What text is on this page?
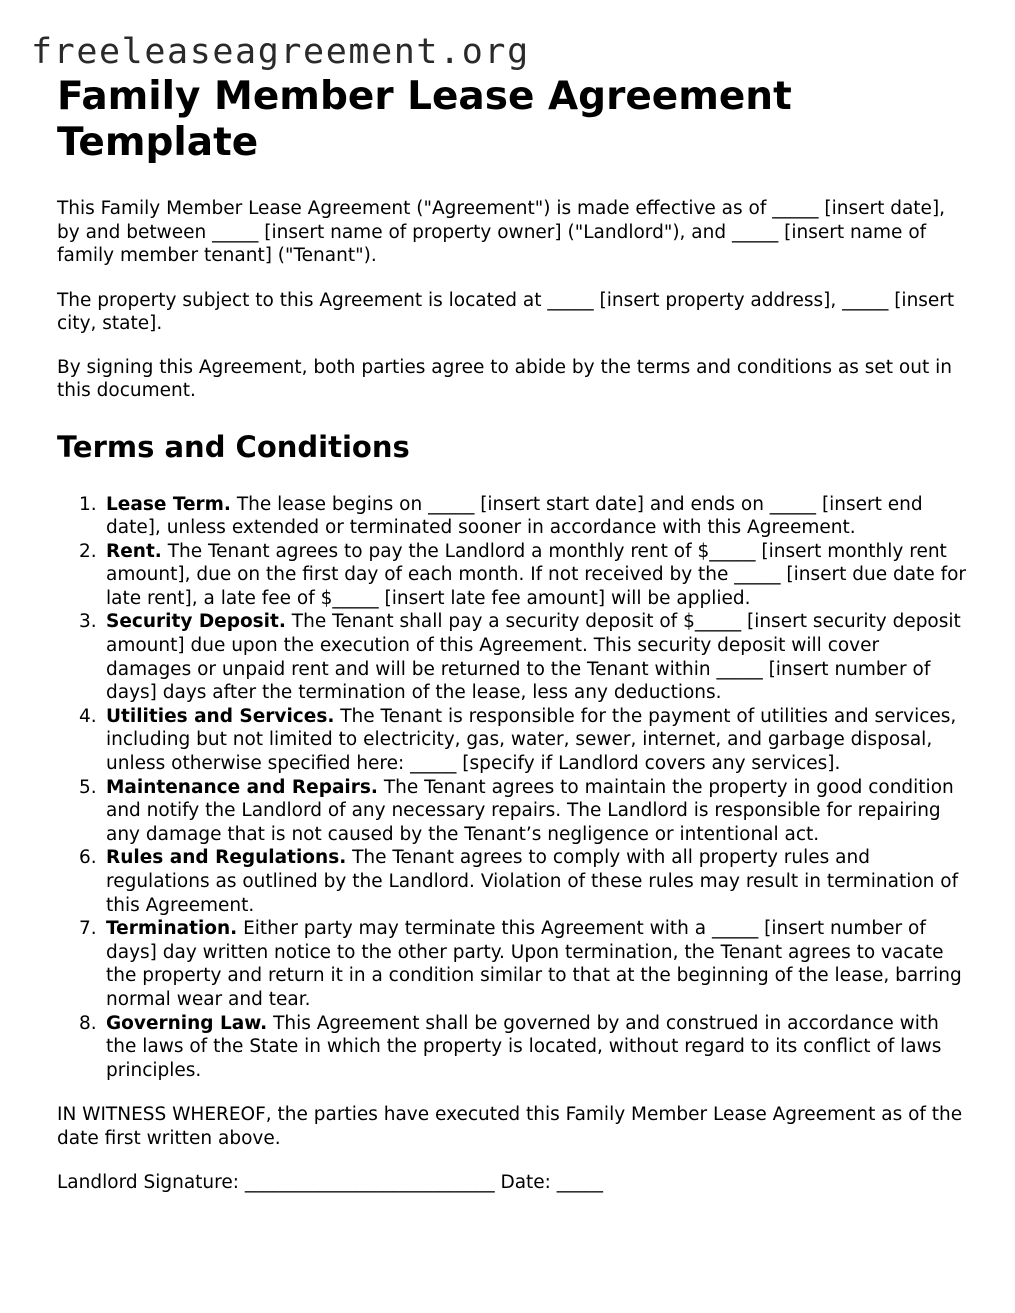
freeleaseagreement.org
Family Member Lease Agreement Template

This Family Member Lease Agreement ("Agreement") is made effective as of _____ [insert date], by and between _____ [insert name of property owner] ("Landlord"), and _____ [insert name of family member tenant] ("Tenant").

The property subject to this Agreement is located at _____ [insert property address], _____ [insert city, state].

By signing this Agreement, both parties agree to abide by the terms and conditions as set out in this document.

Terms and Conditions
1. Lease Term. The lease begins on _____ [insert start date] and ends on _____ [insert end date], unless extended or terminated sooner in accordance with this Agreement.
2. Rent. The Tenant agrees to pay the Landlord a monthly rent of $_____ [insert monthly rent amount], due on the first day of each month. If not received by the _____ [insert due date for late rent], a late fee of $_____ [insert late fee amount] will be applied.
3. Security Deposit. The Tenant shall pay a security deposit of $_____ [insert security deposit amount] due upon the execution of this Agreement. This security deposit will cover damages or unpaid rent and will be returned to the Tenant within _____ [insert number of days] days after the termination of the lease, less any deductions.
4. Utilities and Services. The Tenant is responsible for the payment of utilities and services, including but not limited to electricity, gas, water, sewer, internet, and garbage disposal, unless otherwise specified here: _____ [specify if Landlord covers any services].
5. Maintenance and Repairs. The Tenant agrees to maintain the property in good condition and notify the Landlord of any necessary repairs. The Landlord is responsible for repairing any damage that is not caused by the Tenant’s negligence or intentional act.
6. Rules and Regulations. The Tenant agrees to comply with all property rules and regulations as outlined by the Landlord. Violation of these rules may result in termination of this Agreement.
7. Termination. Either party may terminate this Agreement with a _____ [insert number of days] day written notice to the other party. Upon termination, the Tenant agrees to vacate the property and return it in a condition similar to that at the beginning of the lease, barring normal wear and tear.
8. Governing Law. This Agreement shall be governed by and construed in accordance with the laws of the State in which the property is located, without regard to its conflict of laws principles.

IN WITNESS WHEREOF, the parties have executed this Family Member Lease Agreement as of the date first written above.

Landlord Signature: ___________________________ Date: _____
